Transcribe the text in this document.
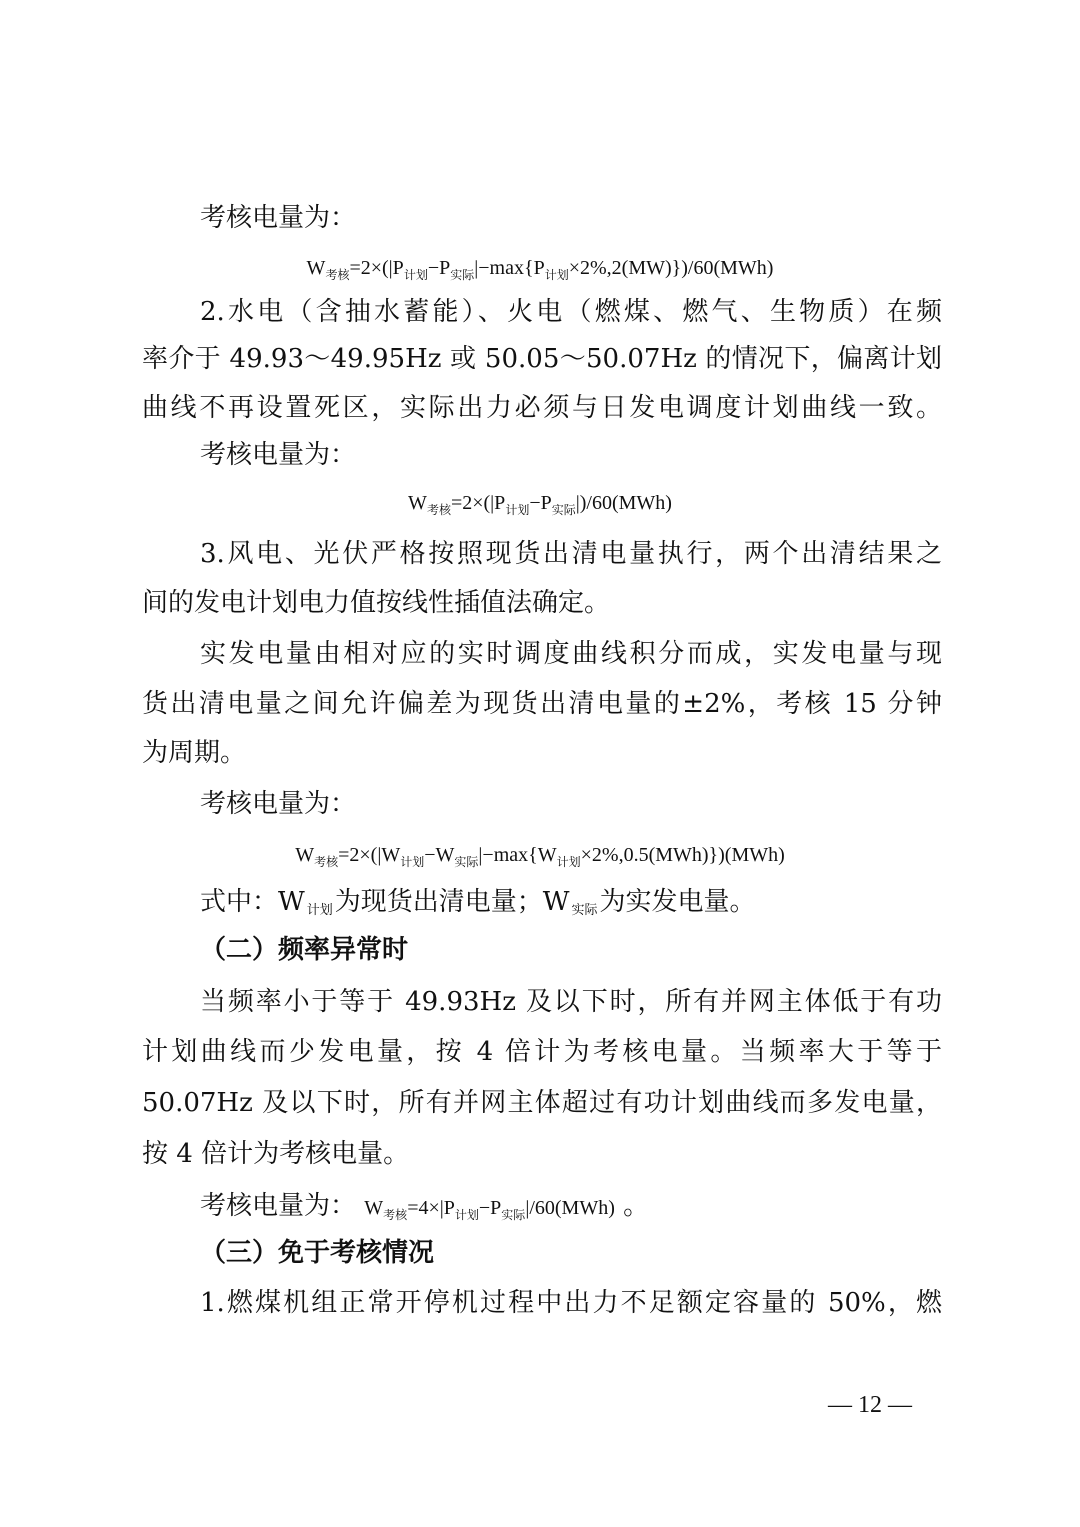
考核电量为：
$W_{考核}=2\times(|P_{计划}-P_{实际}|-\max\{P_{计划}\times 2\%,2(MW)\})/60(MWh)$
2.水电（含抽水蓄能）、火电（燃煤、燃气、生物质）在频
率介于 49.93～49.95Hz 或 50.05～50.07Hz 的情况下，偏离计划
曲线不再设置死区，实际出力必须与日发电调度计划曲线一致。
考核电量为：
$W_{考核}=2\times(|P_{计划}-P_{实际}|)/60(MWh)$
3.风电、光伏严格按照现货出清电量执行，两个出清结果之
间的发电计划电力值按线性插值法确定。
实发电量由相对应的实时调度曲线积分而成，实发电量与现
货出清电量之间允许偏差为现货出清电量的±2%，考核 15 分钟
为周期。
考核电量为：
$W_{考核}=2\times(|W_{计划}-W_{实际}|-\max\{W_{计划}\times 2\%,0.5(MWh)\})(MWh)$
式中：W 计划为现货出清电量；W 实际为实发电量。
（二）频率异常时
当频率小于等于 49.93Hz 及以下时，所有并网主体低于有功
计划曲线而少发电量，按 4 倍计为考核电量。当频率大于等于
50.07Hz 及以下时，所有并网主体超过有功计划曲线而多发电量，
按 4 倍计为考核电量。
考核电量为： $W_{考核}=4\times|P_{计划}-P_{实际}|/60(MWh)$ 。
（三）免于考核情况
1.燃煤机组正常开停机过程中出力不足额定容量的 50%，燃
— 12 —
